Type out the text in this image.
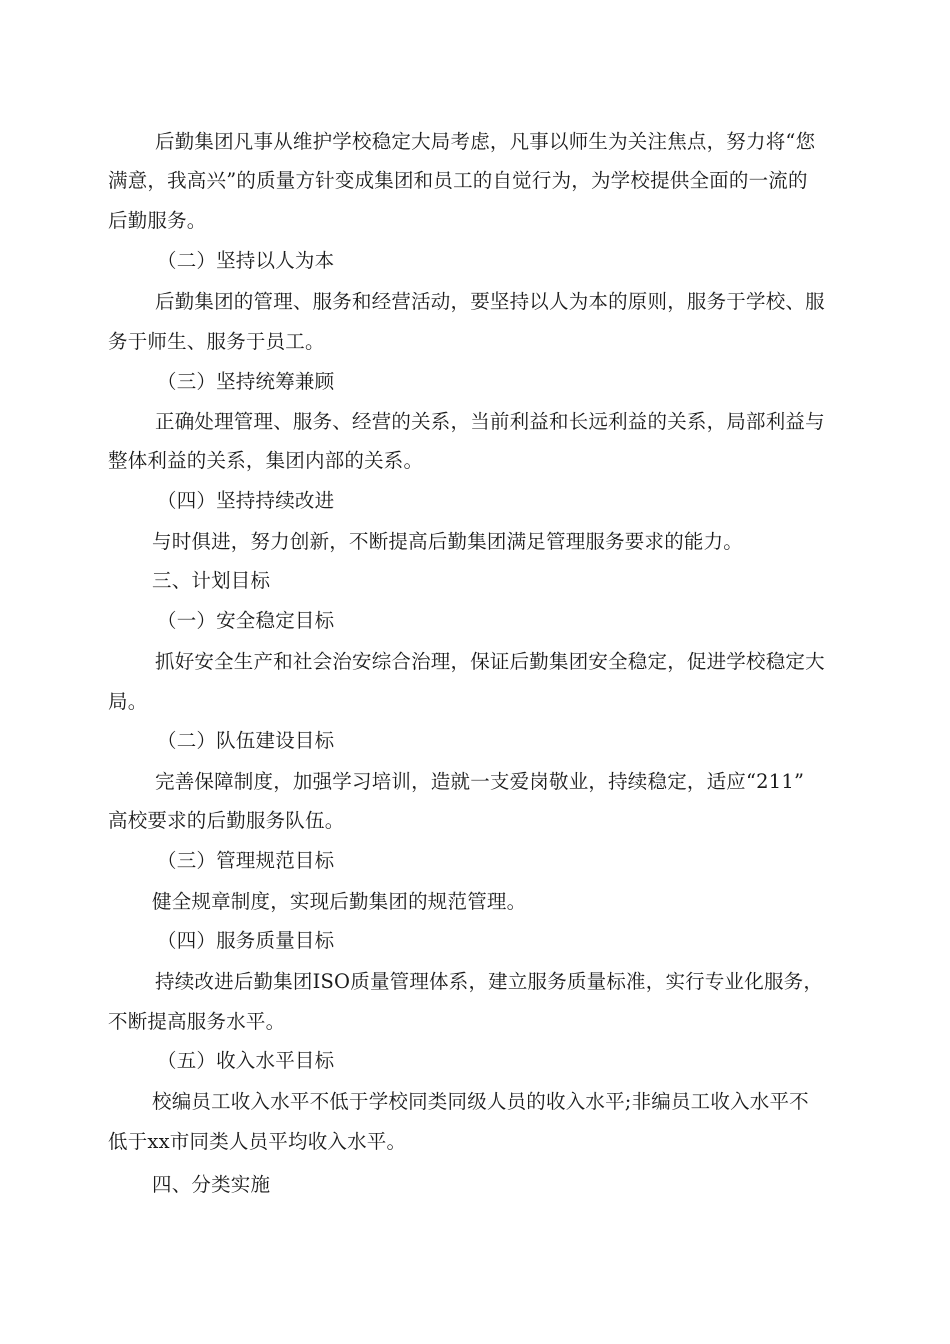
后勤集团凡事从维护学校稳定大局考虑，凡事以师生为关注焦点，努力将“您
满意，我高兴”的质量方针变成集团和员工的自觉行为，为学校提供全面的一流的
后勤服务。
（二）坚持以人为本
后勤集团的管理、服务和经营活动，要坚持以人为本的原则，服务于学校、服
务于师生、服务于员工。
（三）坚持统筹兼顾
正确处理管理、服务、经营的关系，当前利益和长远利益的关系，局部利益与
整体利益的关系，集团内部的关系。
（四）坚持持续改进
与时俱进，努力创新，不断提高后勤集团满足管理服务要求的能力。
三、计划目标
（一）安全稳定目标
抓好安全生产和社会治安综合治理，保证后勤集团安全稳定，促进学校稳定大
局。
（二）队伍建设目标
完善保障制度，加强学习培训，造就一支爱岗敬业，持续稳定，适应“211”
高校要求的后勤服务队伍。
（三）管理规范目标
健全规章制度，实现后勤集团的规范管理。
（四）服务质量目标
持续改进后勤集团ISO质量管理体系，建立服务质量标准，实行专业化服务，
不断提高服务水平。
（五）收入水平目标
校编员工收入水平不低于学校同类同级人员的收入水平;非编员工收入水平不
低于xx市同类人员平均收入水平。
四、分类实施
